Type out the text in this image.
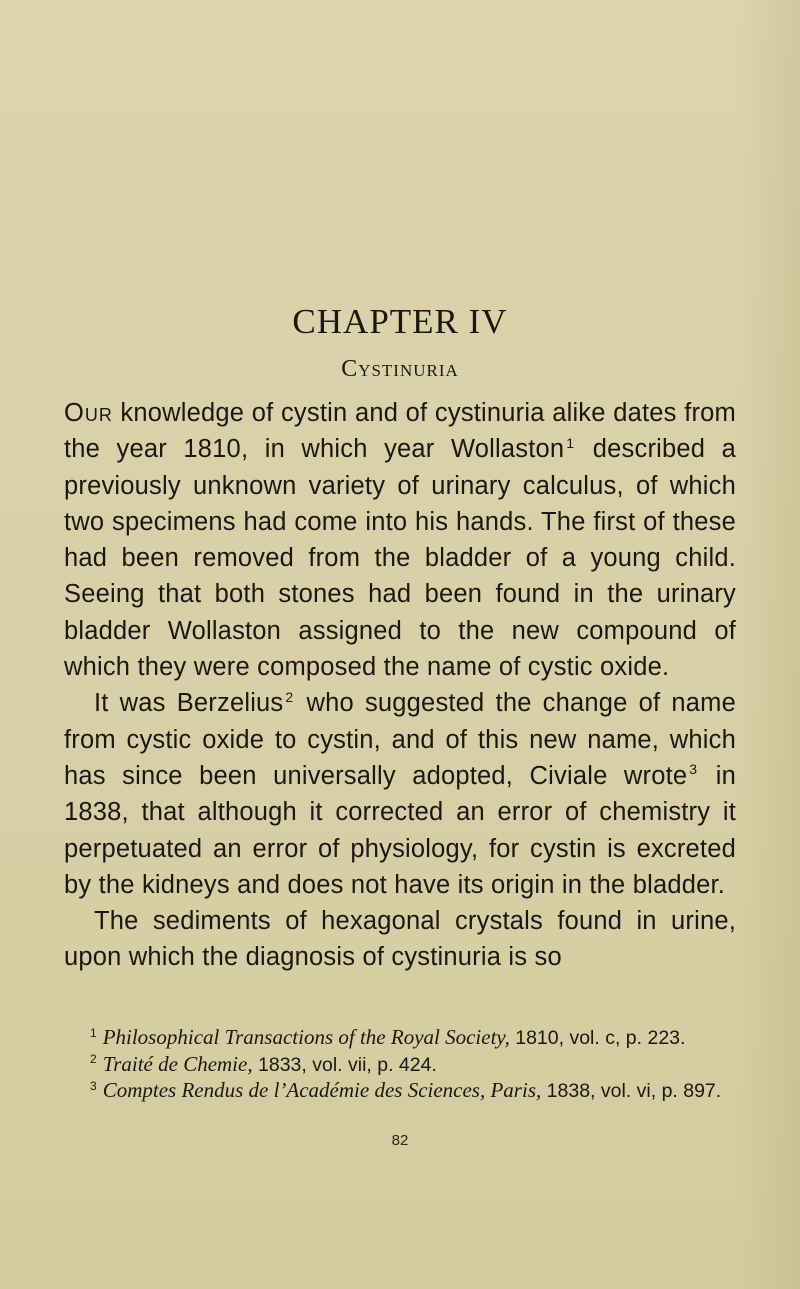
CHAPTER IV
Cystinuria

Our knowledge of cystin and of cystinuria alike dates from the year 1810, in which year Wollaston $^1$ described a previously unknown variety of urinary calculus, of which two specimens had come into his hands. The first of these had been removed from the bladder of a young child. Seeing that both stones had been found in the urinary bladder Wollaston assigned to the new compound of which they were composed the name of cystic oxide.

It was Berzelius $^2$ who suggested the change of name from cystic oxide to cystin, and of this new name, which has since been universally adopted, Civiale wrote $^3$ in 1838, that although it corrected an error of chemistry it perpetuated an error of physiology, for cystin is excreted by the kidneys and does not have its origin in the bladder.

The sediments of hexagonal crystals found in urine, upon which the diagnosis of cystinuria is so

$^1$ Philosophical Transactions of the Royal Society, 1810, vol. c, p. 223.

$^2$ Traité de Chemie, 1833, vol. vii, p. 424.

$^3$ Comptes Rendus de l’Académie des Sciences, Paris, 1838, vol. vi, p. 897.

82
